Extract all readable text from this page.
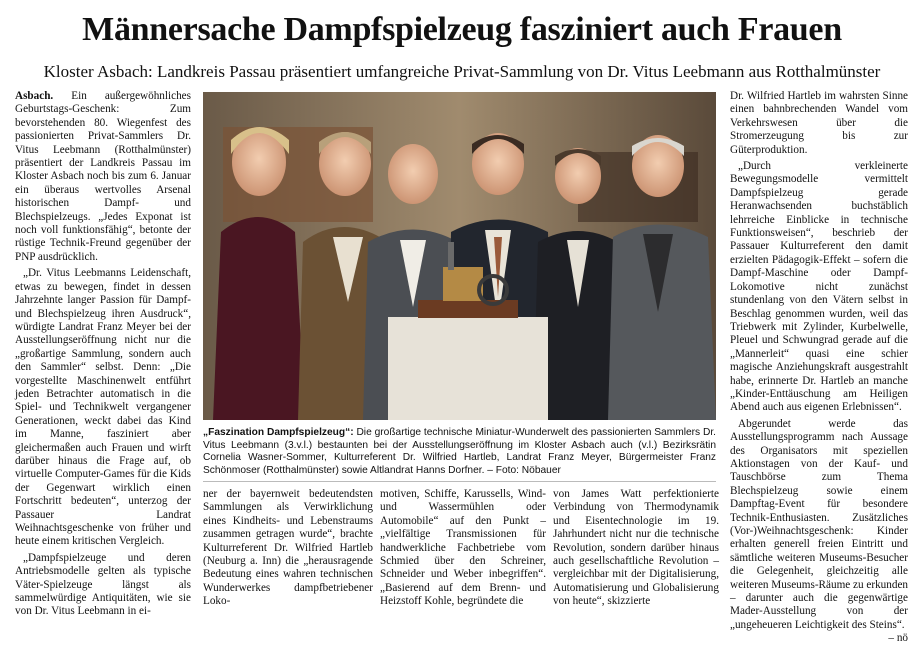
Männersache Dampfspielzeug fasziniert auch Frauen
Kloster Asbach: Landkreis Passau präsentiert umfangreiche Privat-Sammlung von Dr. Vitus Leebmann aus Rotthalmünster

Asbach. Ein außergewöhnliches Geburtstags-Geschenk: Zum bevorstehenden 80. Wiegenfest des passionierten Privat-Sammlers Dr. Vitus Leebmann (Rotthalmünster) präsentiert der Landkreis Passau im Kloster Asbach noch bis zum 6. Januar ein überaus wertvolles Arsenal historischen Dampf- und Blechspielzeugs. „Jedes Exponat ist noch voll funktionsfähig“, betonte der rüstige Technik-Freund gegenüber der PNP ausdrücklich.

„Dr. Vitus Leebmanns Leidenschaft, etwas zu bewegen, findet in dessen Jahrzehnte langer Passion für Dampf- und Blechspielzeug ihren Ausdruck“, würdigte Landrat Franz Meyer bei der Ausstellungseröffnung nicht nur die „großartige Sammlung, sondern auch den Sammler“ selbst. Denn: „Die vorgestellte Maschinenwelt entführt jeden Betrachter automatisch in die Spiel- und Technikwelt vergangener Generationen, weckt dabei das Kind im Manne, fasziniert aber gleichermaßen auch Frauen und wirft darüber hinaus die Frage auf, ob virtuelle Computer-Games für die Kids der Gegenwart wirklich einen Fortschritt bedeuten“, unterzog der Passauer Landrat Weihnachtsgeschenke von früher und heute einem kritischen Vergleich.

„Dampfspielzeuge und deren Antriebsmodelle gelten als typische Väter-Spielzeuge längst als sammelwürdige Antiquitäten, wie sie von Dr. Vitus Leebmann in ei-

„Faszination Dampfspielzeug“: Die großartige technische Miniatur-Wunderwelt des passionierten Sammlers Dr. Vitus Leebmann (3.v.l.) bestaunten bei der Ausstellungseröffnung im Kloster Asbach auch (v.l.) Bezirksrätin Cornelia Wasner-Sommer, Kulturreferent Dr. Wilfried Hartleb, Landrat Franz Meyer, Bürgermeister Franz Schönmoser (Rotthalmünster) sowie Altlandrat Hanns Dorfner. – Foto: Nöbauer

ner der bayernweit bedeutendsten Sammlungen als Verwirklichung eines Kindheits- und Lebenstraums zusammen getragen wurde“, brachte Kulturreferent Dr. Wilfried Hartleb (Neuburg a. Inn) die „herausragende Bedeutung eines wahren technischen Wunderwerkes dampfbetriebener Loko-

motiven, Schiffe, Karussells, Wind- und Wassermühlen oder Automobile“ auf den Punkt – „vielfältige Transmissionen für handwerkliche Fachbetriebe vom Schmied über den Schreiner, Schneider und Weber inbegriffen“. „Basierend auf dem Brenn- und Heizstoff Kohle, begründete die

von James Watt perfektionierte Verbindung von Thermodynamik und Eisentechnologie im 19. Jahrhundert nicht nur die technische Revolution, sondern darüber hinaus auch gesellschaftliche Revolution – vergleichbar mit der Digitalisierung, Automatisierung und Globalisierung von heute“, skizzierte

Dr. Wilfried Hartleb im wahrsten Sinne einen bahnbrechenden Wandel vom Verkehrswesen über die Stromerzeugung bis zur Güterproduktion.

„Durch verkleinerte Bewegungsmodelle vermittelt Dampfspielzeug gerade Heranwachsenden buchstäblich lehrreiche Einblicke in technische Funktionsweisen“, beschrieb der Passauer Kulturreferent den damit erzielten Pädagogik-Effekt – sofern die Dampf-Maschine oder Dampf-Lokomotive nicht zunächst stundenlang von den Vätern selbst in Beschlag genommen wurden, weil das Triebwerk mit Zylinder, Kurbelwelle, Pleuel und Schwungrad gerade auf die „Mannerleit“ quasi eine schier magische Anziehungskraft ausgestrahlt habe, erinnerte Dr. Hartleb an manche „Kinder-Enttäuschung am Heiligen Abend auch aus eigenen Erlebnissen“.

Abgerundet werde das Ausstellungsprogramm nach Aussage des Organisators mit speziellen Aktionstagen von der Kauf- und Tauschbörse zum Thema Blechspielzeug sowie einem Dampftag-Event für besondere Technik-Enthusiasten. Zusätzliches (Vor-)Weihnachtsgeschenk: Kinder erhalten generell freien Eintritt und sämtliche weiteren Museums-Besucher die Gelegenheit, gleichzeitig alle weiteren Museums-Räume zu erkunden – darunter auch die gegenwärtige Mader-Ausstellung von der „ungeheueren Leichtigkeit des Steins“.
– nö
